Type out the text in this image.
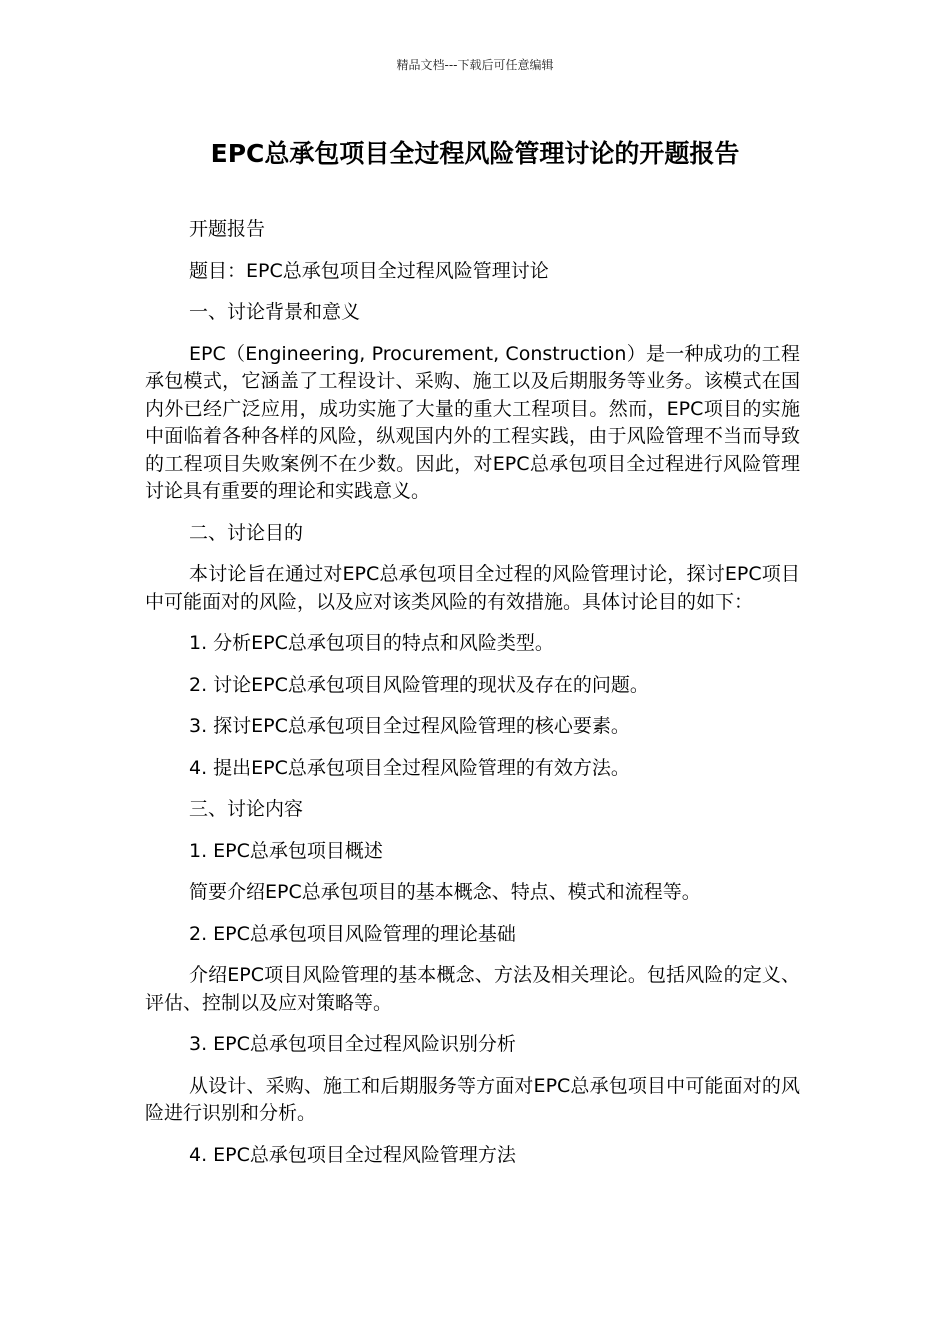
精品文档---下载后可任意编辑
EPC总承包项目全过程风险管理讨论的开题报告

开题报告

题目：EPC总承包项目全过程风险管理讨论

一、讨论背景和意义

EPC（Engineering, Procurement, Construction）是一种成功的工程承包模式，它涵盖了工程设计、采购、施工以及后期服务等业务。该模式在国内外已经广泛应用，成功实施了大量的重大工程项目。然而，EPC项目的实施中面临着各种各样的风险，纵观国内外的工程实践，由于风险管理不当而导致的工程项目失败案例不在少数。因此，对EPC总承包项目全过程进行风险管理讨论具有重要的理论和实践意义。

二、讨论目的

本讨论旨在通过对EPC总承包项目全过程的风险管理讨论，探讨EPC项目中可能面对的风险，以及应对该类风险的有效措施。具体讨论目的如下：

1. 分析EPC总承包项目的特点和风险类型。

2. 讨论EPC总承包项目风险管理的现状及存在的问题。

3. 探讨EPC总承包项目全过程风险管理的核心要素。

4. 提出EPC总承包项目全过程风险管理的有效方法。

三、讨论内容

1. EPC总承包项目概述

简要介绍EPC总承包项目的基本概念、特点、模式和流程等。

2. EPC总承包项目风险管理的理论基础

介绍EPC项目风险管理的基本概念、方法及相关理论。包括风险的定义、评估、控制以及应对策略等。

3. EPC总承包项目全过程风险识别分析

从设计、采购、施工和后期服务等方面对EPC总承包项目中可能面对的风险进行识别和分析。

4. EPC总承包项目全过程风险管理方法
